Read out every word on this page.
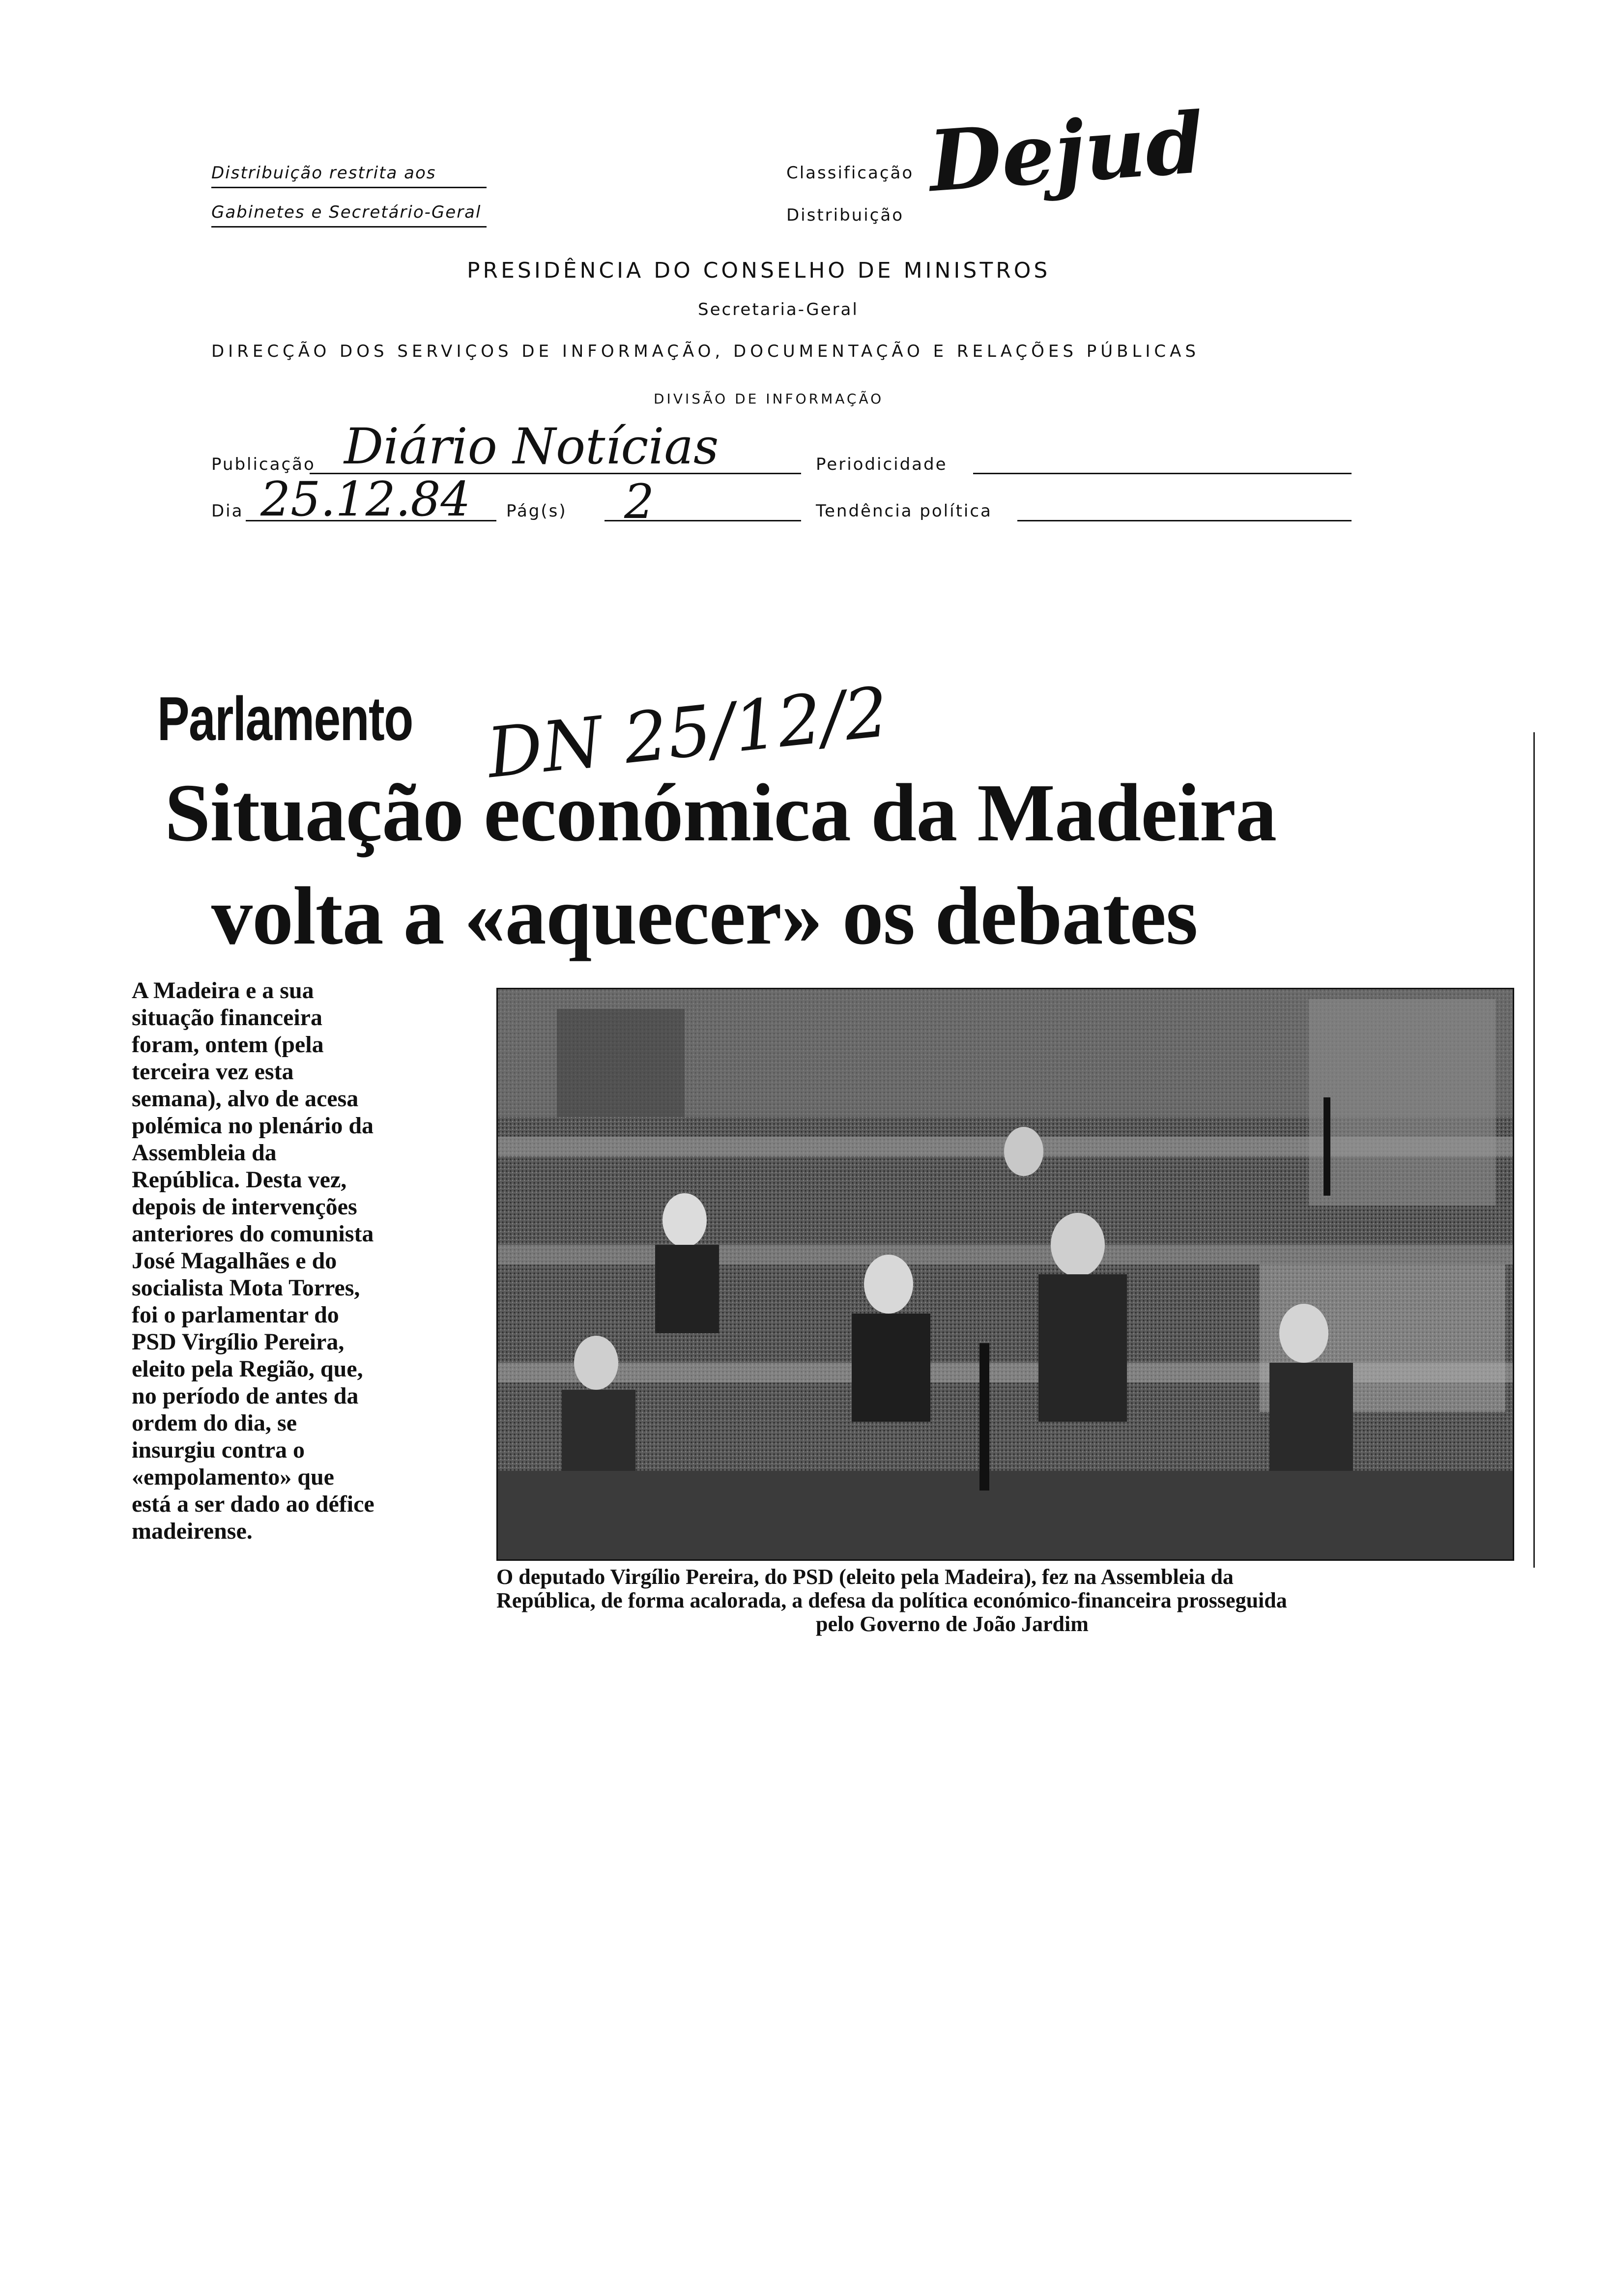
Distribuição restrita aos
Gabinetes e Secretário-Geral
Classificação Dejud
Distribuição
PRESIDÊNCIA DO CONSELHO DE MINISTROS
Secretaria-Geral
DIRECÇÃO DOS SERVIÇOS DE INFORMAÇÃO, DOCUMENTAÇÃO E RELAÇÕES PÚBLICAS
DIVISÃO DE INFORMAÇÃO
Publicação Diário Notícias	Periodicidade
Dia 25.12.84 Pág(s) 2	Tendência política
Parlamento DN 25/12/2
Situação económica da Madeira
volta a «aquecer» os debates
A Madeira e a sua
situação financeira
foram, ontem (pela
terceira vez esta
semana), alvo de acesa
polémica no plenário da
Assembleia da
República. Desta vez,
depois de intervenções
anteriores do comunista
José Magalhães e do
socialista Mota Torres,
foi o parlamentar do
PSD Virgílio Pereira,
eleito pela Região, que,
no período de antes da
ordem do dia, se
insurgiu contra o
«empolamento» que
está a ser dado ao défice
madeirense.
O deputado Virgílio Pereira, do PSD (eleito pela Madeira), fez na Assembleia da
República, de forma acalorada, a defesa da política económico-financeira prosseguida
pelo Governo de João Jardim
